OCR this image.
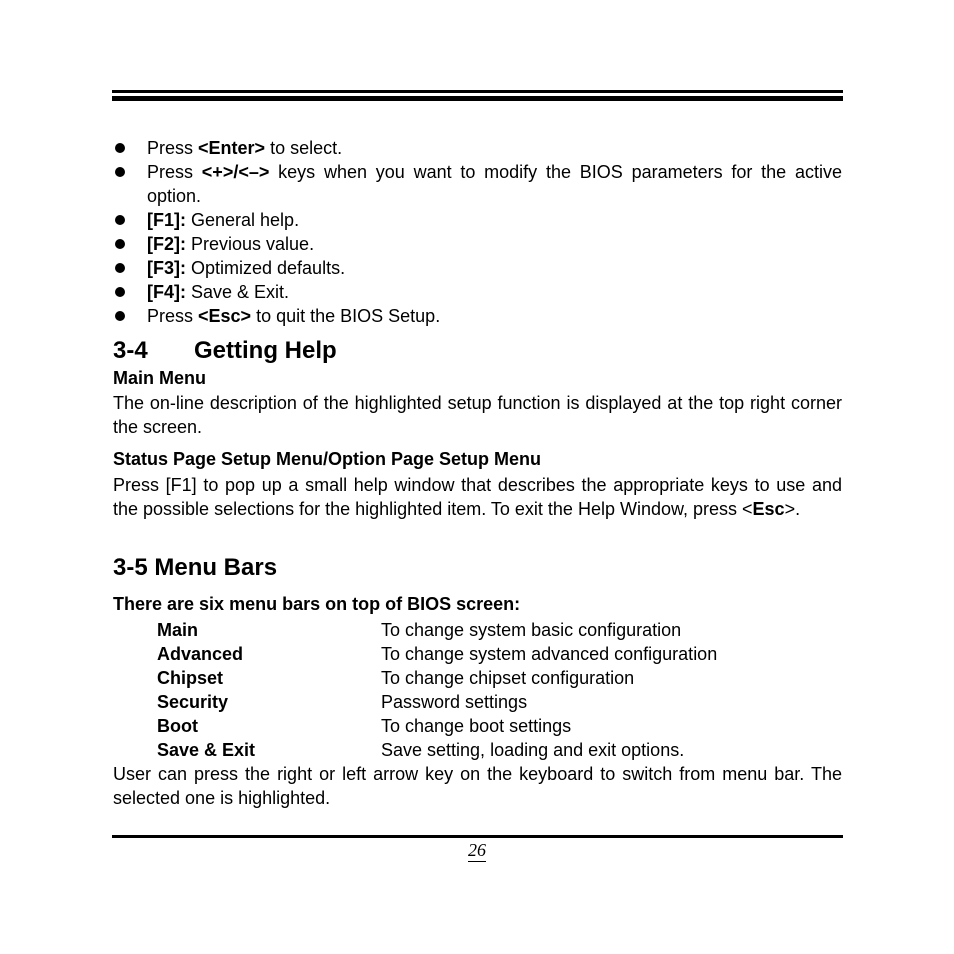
Press <Enter> to select.
Press <+>/<–> keys when you want to modify the BIOS parameters for the active option.
[F1]: General help.
[F2]: Previous value.
[F3]: Optimized defaults.
[F4]: Save & Exit.
Press <Esc> to quit the BIOS Setup.
3-4 Getting Help
Main Menu
The on-line description of the highlighted setup function is displayed at the top right corner the screen.
Status Page Setup Menu/Option Page Setup Menu
Press [F1] to pop up a small help window that describes the appropriate keys to use and the possible selections for the highlighted item. To exit the Help Window, press <Esc>.
3-5 Menu Bars
There are six menu bars on top of BIOS screen:
Main	To change system basic configuration
Advanced	To change system advanced configuration
Chipset	To change chipset configuration
Security	Password settings
Boot	To change boot settings
Save & Exit	Save setting, loading and exit options.
User can press the right or left arrow key on the keyboard to switch from menu bar. The selected one is highlighted.
26
